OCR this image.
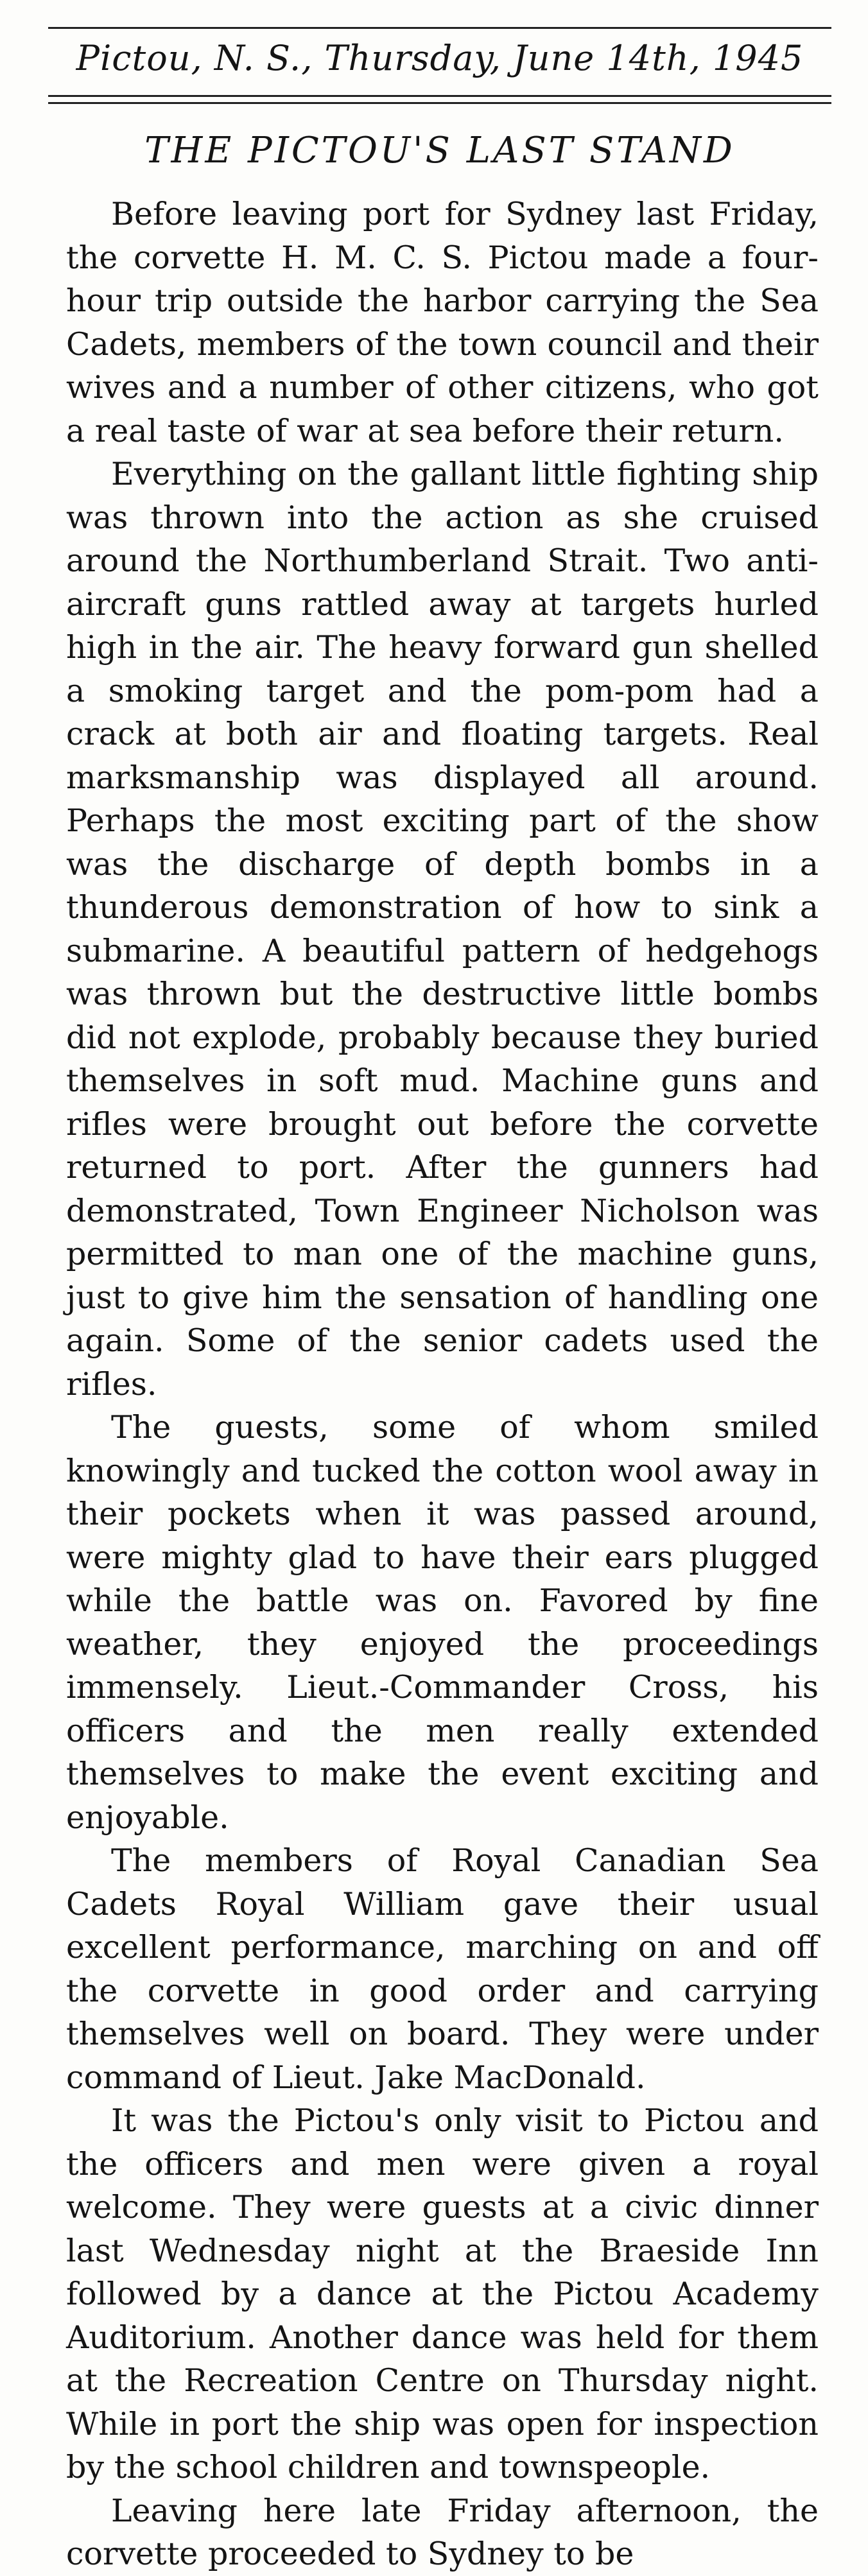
Pictou, N. S., Thursday, June 14th, 1945
THE PICTOU'S LAST STAND

Before leaving port for Sydney last Friday, the corvette H. M. C. S. Pictou made a four-hour trip outside the harbor carrying the Sea Cadets, members of the town council and their wives and a number of other citizens, who got a real taste of war at sea before their return.

Everything on the gallant little fighting ship was thrown into the action as she cruised around the Northumberland Strait. Two anti-aircraft guns rattled away at targets hurled high in the air. The heavy forward gun shelled a smoking target and the pom-pom had a crack at both air and floating targets. Real marksmanship was displayed all around. Perhaps the most exciting part of the show was the discharge of depth bombs in a thunderous demonstration of how to sink a submarine. A beautiful pattern of hedgehogs was thrown but the destructive little bombs did not explode, probably because they buried themselves in soft mud. Machine guns and rifles were brought out before the corvette returned to port. After the gunners had demonstrated, Town Engineer Nicholson was permitted to man one of the machine guns, just to give him the sensation of handling one again. Some of the senior cadets used the rifles.

The guests, some of whom smiled knowingly and tucked the cotton wool away in their pockets when it was passed around, were mighty glad to have their ears plugged while the battle was on. Favored by fine weather, they enjoyed the proceedings immensely. Lieut.-Commander Cross, his officers and the men really extended themselves to make the event exciting and enjoyable.

The members of Royal Canadian Sea Cadets Royal William gave their usual excellent performance, marching on and off the corvette in good order and carrying themselves well on board. They were under command of Lieut. Jake MacDonald.

It was the Pictou's only visit to Pictou and the officers and men were given a royal welcome. They were guests at a civic dinner last Wednesday night at the Braeside Inn followed by a dance at the Pictou Academy Auditorium. Another dance was held for them at the Recreation Centre on Thursday night. While in port the ship was open for inspection by the school children and townspeople.

Leaving here late Friday afternoon, the corvette proceeded to Sydney to be
